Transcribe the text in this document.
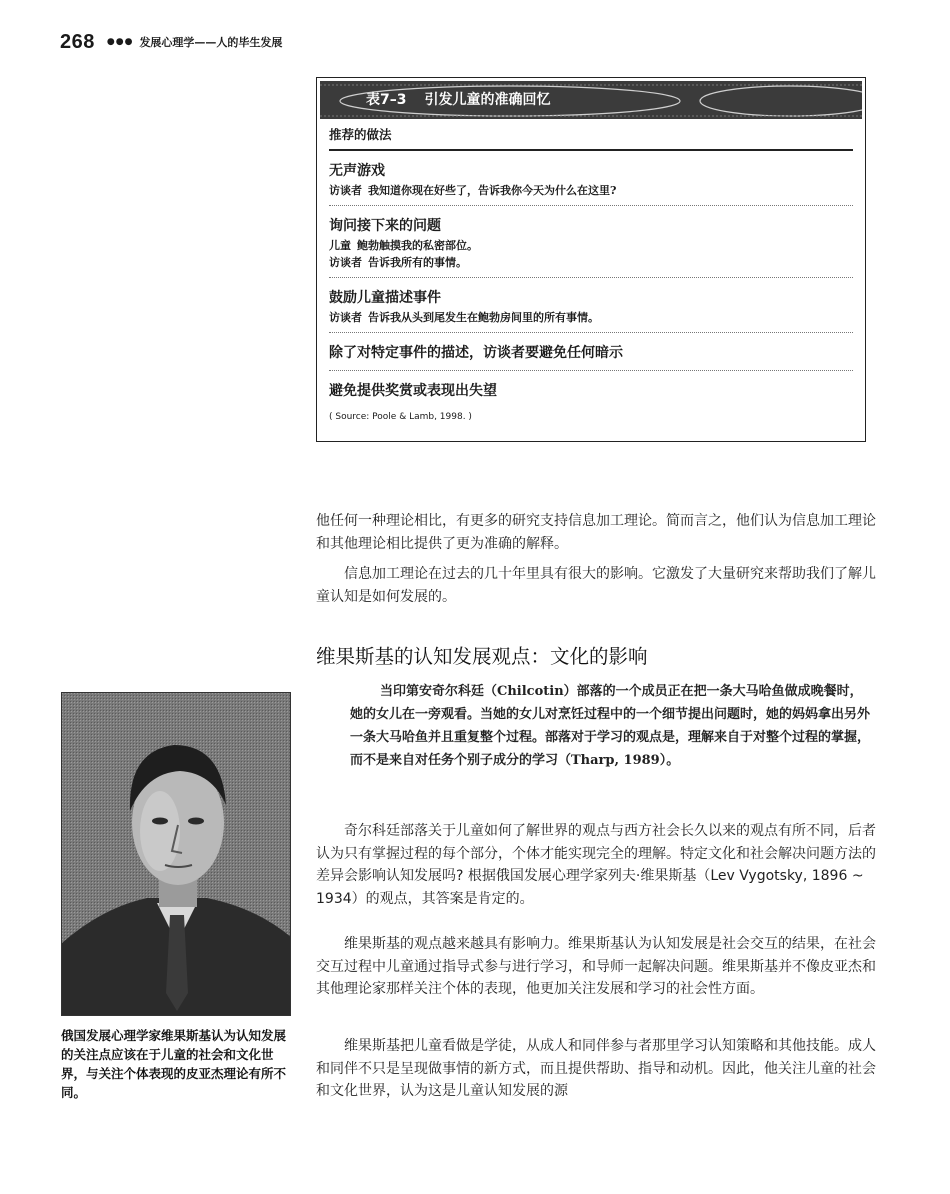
268 ●●● 发展心理学——人的毕生发展
表7–3 引发儿童的准确回忆
推荐的做法
无声游戏
访谈者 我知道你现在好些了，告诉我你今天为什么在这里?
询问接下来的问题
儿童 鲍勃触摸我的私密部位。
访谈者 告诉我所有的事情。
鼓励儿童描述事件
访谈者 告诉我从头到尾发生在鲍勃房间里的所有事情。
除了对特定事件的描述，访谈者要避免任何暗示
避免提供奖赏或表现出失望
( Source: Poole & Lamb, 1998. )
他任何一种理论相比，有更多的研究支持信息加工理论。简而言之，他们认为信息加工理论和其他理论相比提供了更为准确的解释。
信息加工理论在过去的几十年里具有很大的影响。它激发了大量研究来帮助我们了解儿童认知是如何发展的。
维果斯基的认知发展观点：文化的影响

当印第安奇尔科廷（Chilcotin）部落的一个成员正在把一条大马哈鱼做成晚餐时，她的女儿在一旁观看。当她的女儿对烹饪过程中的一个细节提出问题时，她的妈妈拿出另外一条大马哈鱼并且重复整个过程。部落对于学习的观点是，理解来自于对整个过程的掌握，而不是来自对任务个别子成分的学习（Tharp, 1989）。

俄国发展心理学家维果斯基认为认知发展的关注点应该在于儿童的社会和文化世界，与关注个体表现的皮亚杰理论有所不同。
奇尔科廷部落关于儿童如何了解世界的观点与西方社会长久以来的观点有所不同，后者认为只有掌握过程的每个部分，个体才能实现完全的理解。特定文化和社会解决问题方法的差异会影响认知发展吗? 根据俄国发展心理学家列夫·维果斯基（Lev Vygotsky, 1896 ~ 1934）的观点，其答案是肯定的。
维果斯基的观点越来越具有影响力。维果斯基认为认知发展是社会交互的结果，在社会交互过程中儿童通过指导式参与进行学习，和导师一起解决问题。维果斯基并不像皮亚杰和其他理论家那样关注个体的表现，他更加关注发展和学习的社会性方面。
维果斯基把儿童看做是学徒，从成人和同伴参与者那里学习认知策略和其他技能。成人和同伴不只是呈现做事情的新方式，而且提供帮助、指导和动机。因此，他关注儿童的社会和文化世界，认为这是儿童认知发展的源
